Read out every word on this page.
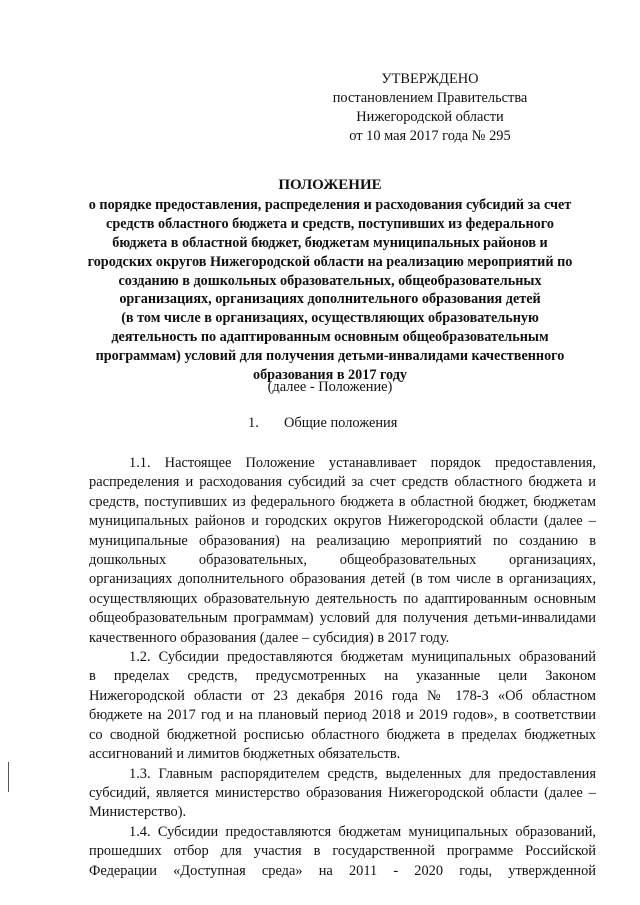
УТВЕРЖДЕНО
постановлением Правительства
Нижегородской области
от 10 мая 2017 года № 295
ПОЛОЖЕНИЕ
о порядке предоставления, распределения и расходования субсидий за счет
средств областного бюджета и средств, поступивших из федерального
бюджета в областной бюджет, бюджетам муниципальных районов и
городских округов Нижегородской области на реализацию мероприятий по
созданию в дошкольных образовательных, общеобразовательных
организациях, организациях дополнительного образования детей
(в том числе в организациях, осуществляющих образовательную
деятельность по адаптированным основным общеобразовательным
программам) условий для получения детьми-инвалидами качественного
образования в 2017 году
(далее - Положение)
1. Общие положения
1.1. Настоящее Положение устанавливает порядок предоставления,
распределения и расходования субсидий за счет средств областного бюджета и
средств, поступивших из федерального бюджета в областной бюджет, бюджетам
муниципальных районов и городских округов Нижегородской области (далее –
муниципальные образования) на реализацию мероприятий по созданию в
дошкольных образовательных, общеобразовательных организациях,
организациях дополнительного образования детей (в том числе в организациях,
осуществляющих образовательную деятельность по адаптированным основным
общеобразовательным программам) условий для получения детьми-инвалидами
качественного образования (далее – субсидия) в 2017 году.
1.2. Субсидии предоставляются бюджетам муниципальных образований
в пределах средств, предусмотренных на указанные цели Законом
Нижегородской области от 23 декабря 2016 года № 178-З «Об областном
бюджете на 2017 год и на плановый период 2018 и 2019 годов», в соответствии
со сводной бюджетной росписью областного бюджета в пределах бюджетных
ассигнований и лимитов бюджетных обязательств.
1.3. Главным распорядителем средств, выделенных для предоставления
субсидий, является министерство образования Нижегородской области (далее –
Министерство).
1.4. Субсидии предоставляются бюджетам муниципальных образований,
прошедших отбор для участия в государственной программе Российской
Федерации «Доступная среда» на 2011 - 2020 годы, утвержденной
